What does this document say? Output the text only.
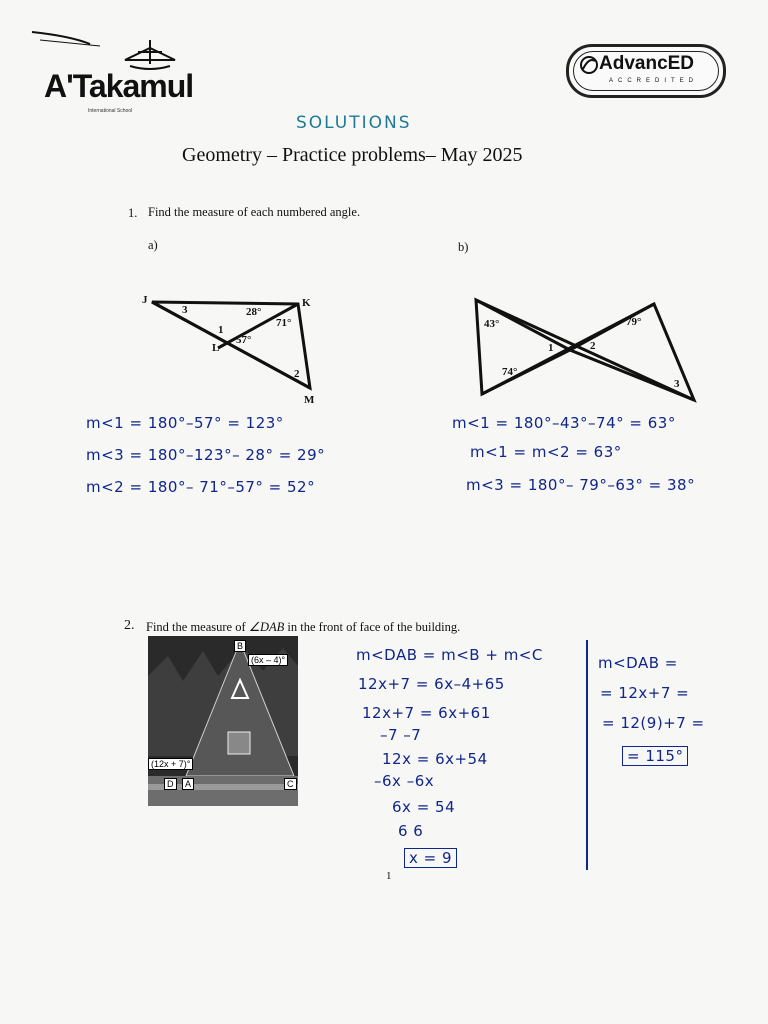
A'Takamul
International School
AdvancED
ACCREDITED
SOLUTIONS
Geometry – Practice problems– May 2025
1. Find the measure of each numbered angle.
a)	b)
J	K
L
M
3	28°
71°
1
57°
2
43°	79°
1	2
74°
3
m<1 = 180°–57° = 123°
m<3 = 180°–123°– 28° = 29°
m<2 = 180°– 71°–57° = 52°
m<1 = 180°–43°–74° = 63°
m<1 = m<2 = 63°
m<3 = 180°– 79°–63° = 38°
2. Find the measure of ∠DAB in the front of face of the building.
B
(6x – 4)°
(12x + 7)°
D	A	C
m<DAB = m<B + m<C
12x+7 = 6x–4+65
12x+7 = 6x+61
–7 –7
12x = 6x+54
–6x –6x
6x = 54
6 6
x = 9
m<DAB =
= 12x+7 =
= 12(9)+7 =
= 115°
1
